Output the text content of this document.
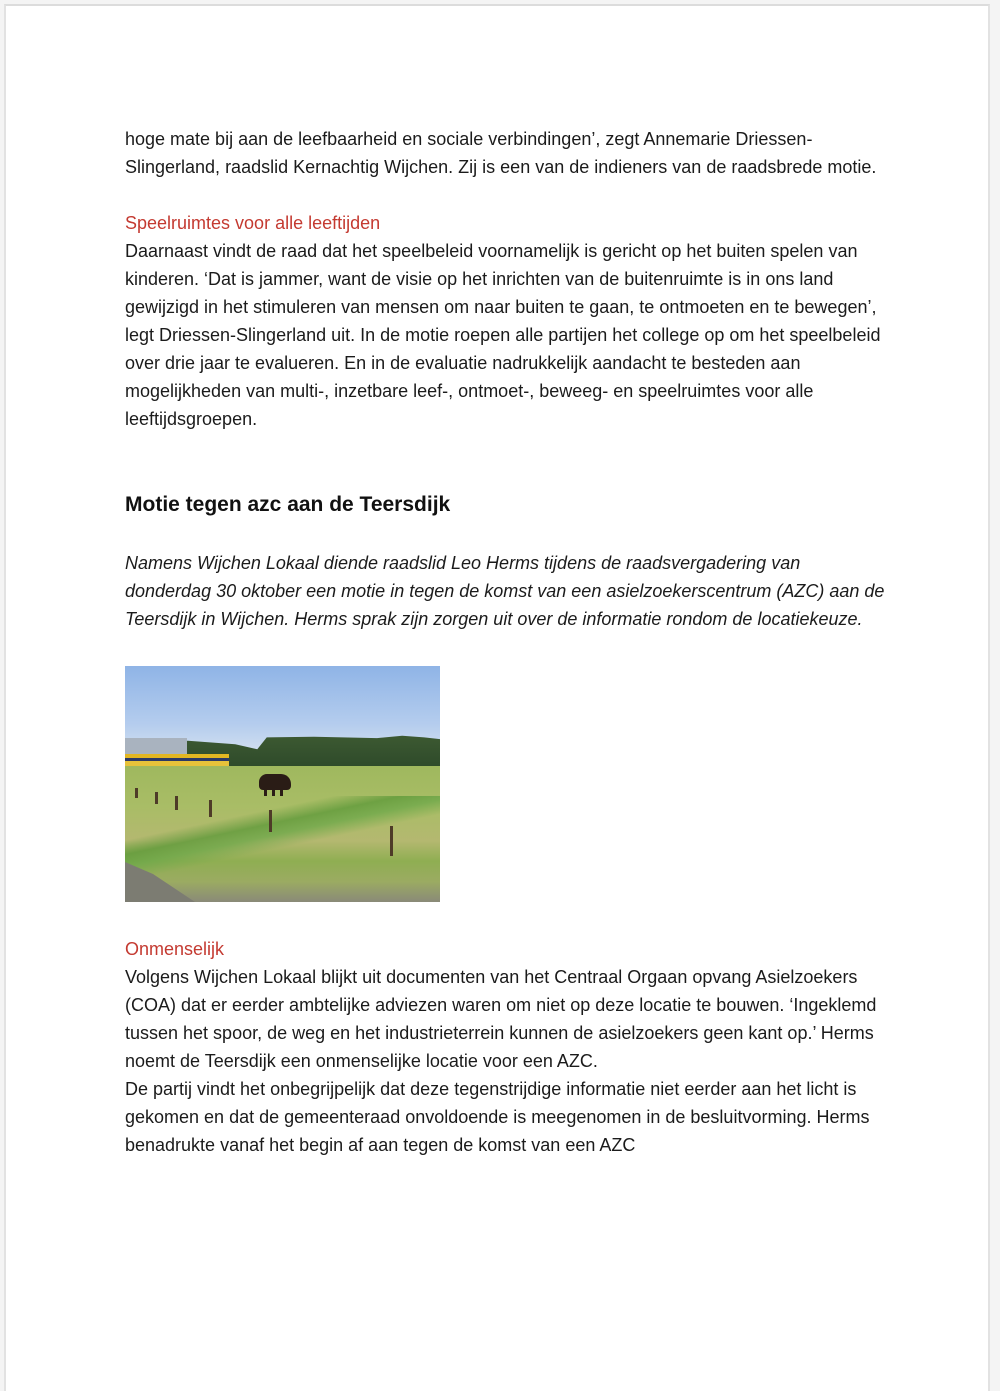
hoge mate bij aan de leefbaarheid en sociale verbindingen’, zegt Annemarie Driessen-Slingerland, raadslid Kernachtig Wijchen. Zij is een van de indieners van de raadsbrede motie.

Speelruimtes voor alle leeftijden

Daarnaast vindt de raad dat het speelbeleid voornamelijk is gericht op het buiten spelen van kinderen. ‘Dat is jammer, want de visie op het inrichten van de buitenruimte is in ons land gewijzigd in het stimuleren van mensen om naar buiten te gaan, te ontmoeten en te bewegen’, legt Driessen-Slingerland uit. In de motie roepen alle partijen het college op om het speelbeleid over drie jaar te evalueren. En in de evaluatie nadrukkelijk aandacht te besteden aan mogelijkheden van multi-, inzetbare leef-, ontmoet-, beweeg- en speelruimtes voor alle leeftijdsgroepen.

Motie tegen azc aan de Teersdijk

Namens Wijchen Lokaal diende raadslid Leo Herms tijdens de raadsvergadering van donderdag 30 oktober een motie in tegen de komst van een asielzoekerscentrum (AZC) aan de Teersdijk in Wijchen. Herms sprak zijn zorgen uit over de informatie rondom de locatiekeuze.

Onmenselijk

Volgens Wijchen Lokaal blijkt uit documenten van het Centraal Orgaan opvang Asielzoekers (COA) dat er eerder ambtelijke adviezen waren om niet op deze locatie te bouwen. ‘Ingeklemd tussen het spoor, de weg en het industrieterrein kunnen de asielzoekers geen kant op.’ Herms noemt de Teersdijk een onmenselijke locatie voor een AZC.

De partij vindt het onbegrijpelijk dat deze tegenstrijdige informatie niet eerder aan het licht is gekomen en dat de gemeenteraad onvoldoende is meegenomen in de besluitvorming. Herms benadrukte vanaf het begin af aan tegen de komst van een AZC
